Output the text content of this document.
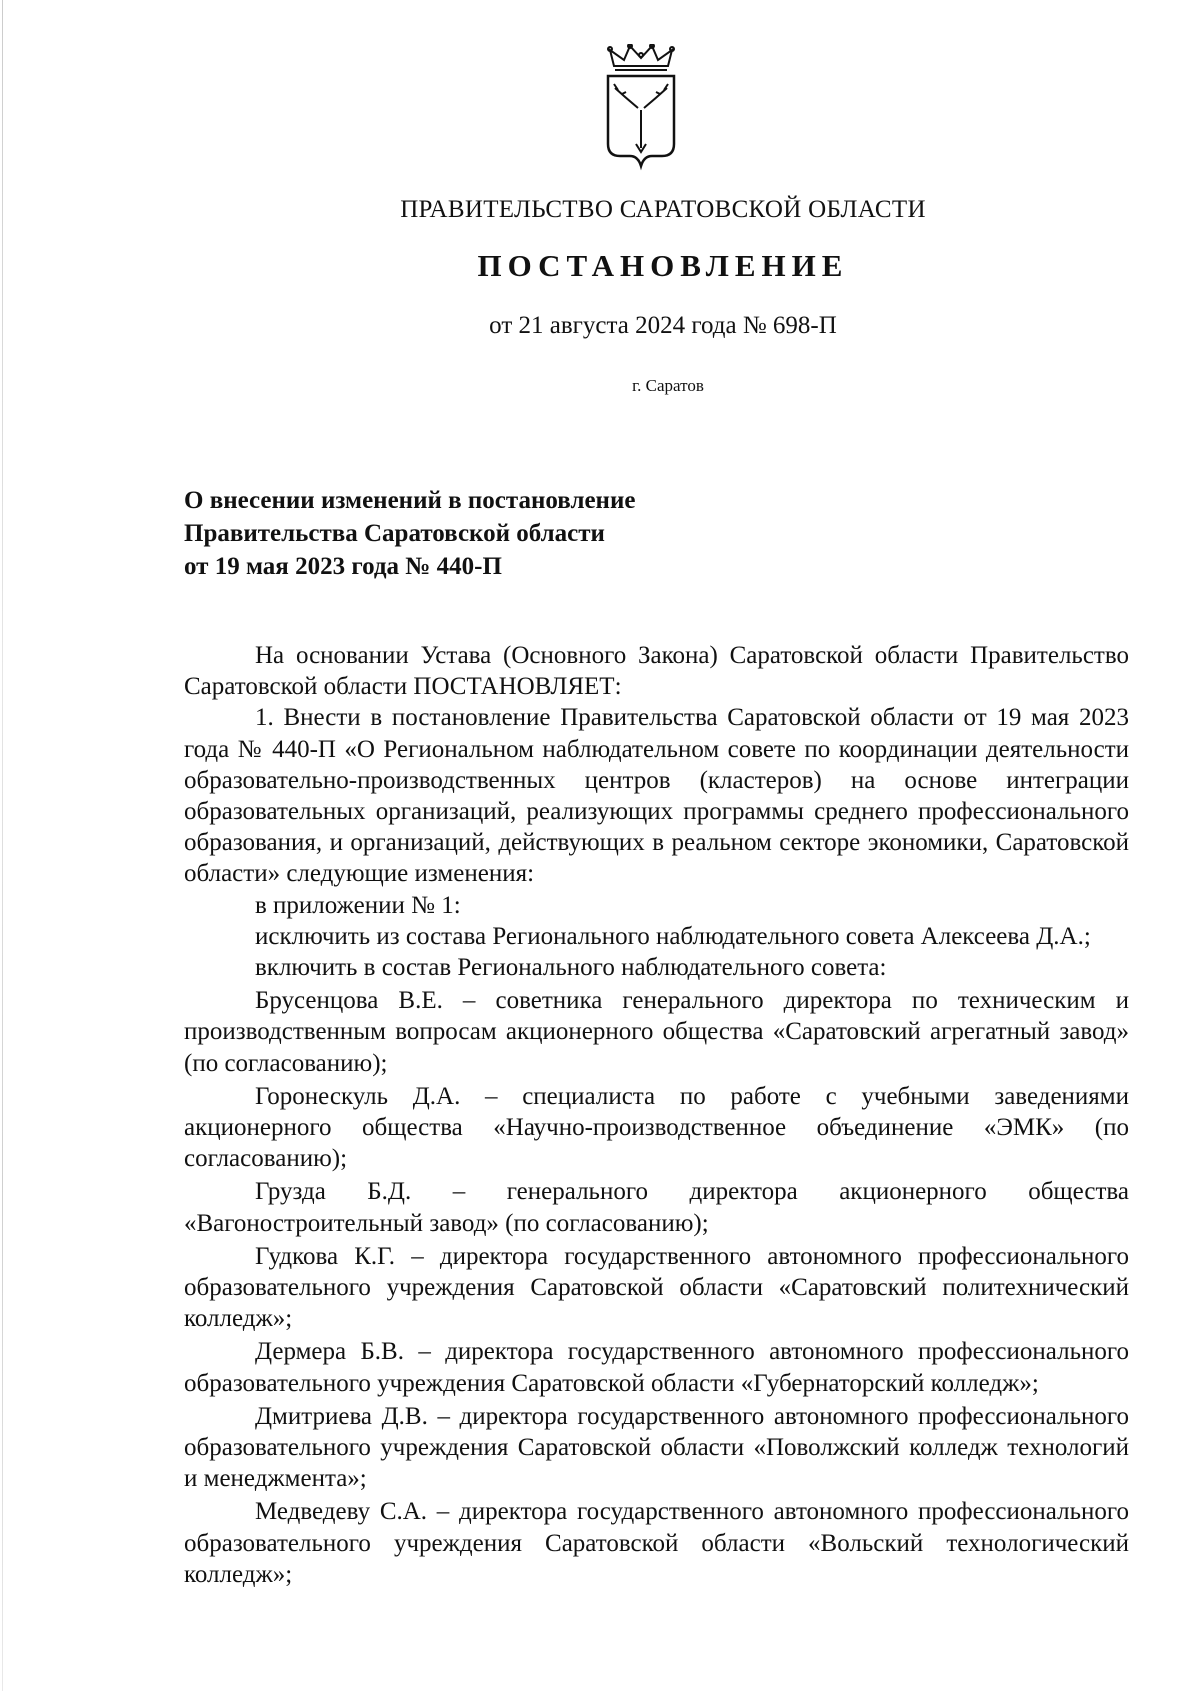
ПРАВИТЕЛЬСТВО САРАТОВСКОЙ ОБЛАСТИ
ПОСТАНОВЛЕНИЕ
от 21 августа 2024 года № 698-П
г. Саратов
О внесении изменений в постановление
Правительства Саратовской области
от 19 мая 2023 года № 440-П

На основании Устава (Основного Закона) Саратовской области Правительство Саратовской области ПОСТАНОВЛЯЕТ:

1. Внести в постановление Правительства Саратовской области от 19 мая 2023 года № 440-П «О Региональном наблюдательном совете по координации деятельности образовательно-производственных центров (кластеров) на основе интеграции образовательных организаций, реализующих программы среднего профессионального образования, и организаций, действующих в реальном секторе экономики, Саратовской области» следующие изменения:

в приложении № 1:

исключить из состава Регионального наблюдательного совета Алексеева Д.А.;

включить в состав Регионального наблюдательного совета:

Брусенцова В.Е. – советника генерального директора по техническим и производственным вопросам акционерного общества «Саратовский агрегатный завод» (по согласованию);

Горонескуль Д.А. – специалиста по работе с учебными заведениями акционерного общества «Научно-производственное объединение «ЭМК» (по согласованию);

Грузда Б.Д. – генерального директора акционерного общества «Вагоностроительный завод» (по согласованию);

Гудкова К.Г. – директора государственного автономного профессионального образовательного учреждения Саратовской области «Саратовский политехнический колледж»;

Дермера Б.В. – директора государственного автономного профессионального образовательного учреждения Саратовской области «Губернаторский колледж»;

Дмитриева Д.В. – директора государственного автономного профессионального образовательного учреждения Саратовской области «Поволжский колледж технологий и менеджмента»;

Медведеву С.А. – директора государственного автономного профессионального образовательного учреждения Саратовской области «Вольский технологический колледж»;
